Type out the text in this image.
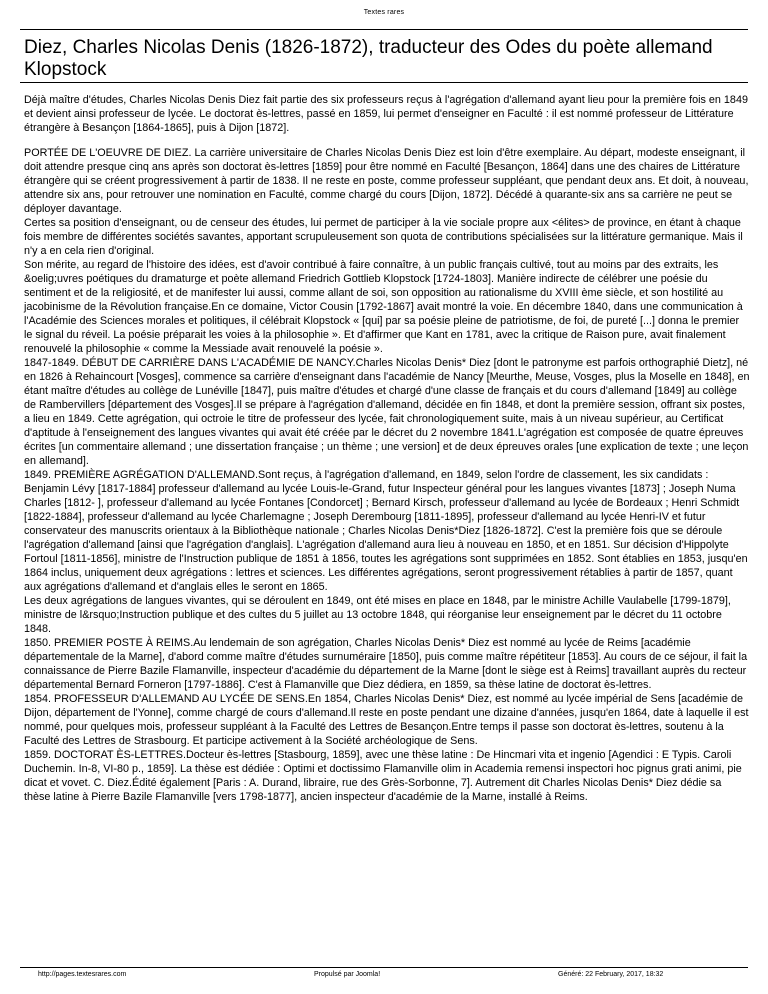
Textes rares
Diez, Charles Nicolas Denis (1826-1872), traducteur des Odes du poète allemand Klopstock

Déjà maître d'études, Charles Nicolas Denis Diez fait partie des six professeurs reçus à l'agrégation d'allemand ayant lieu pour la première fois en 1849 et devient ainsi professeur de lycée. Le doctorat ès-lettres, passé en 1859, lui permet d'enseigner en Faculté : il est nommé professeur de Littérature étrangère à Besançon [1864-1865], puis à Dijon [1872].

PORTÉE DE L'OEUVRE DE DIEZ. La carrière universitaire de Charles Nicolas Denis Diez est loin d'être exemplaire. Au départ, modeste enseignant, il doit attendre presque cinq ans après son doctorat ès-lettres [1859] pour être nommé en Faculté [Besançon, 1864] dans une des chaires de Littérature étrangère qui se créent progressivement à partir de 1838. Il ne reste en poste, comme professeur suppléant, que pendant deux ans. Et doit, à nouveau, attendre six ans, pour retrouver une nomination en Faculté, comme chargé du cours [Dijon, 1872]. Décédé à quarante-six ans sa carrière ne peut se déployer davantage.

Certes sa position d'enseignant, ou de censeur des études, lui permet de participer à la vie sociale propre aux <élites> de province, en étant à chaque fois membre de différentes sociétés savantes, apportant scrupuleusement son quota de contributions spécialisées sur la littérature germanique. Mais il n'y a en cela rien d'original.

Son mérite, au regard de l'histoire des idées, est d'avoir contribué à faire connaître, à un public français cultivé, tout au moins par des extraits, les &oelig;uvres poétiques du dramaturge et poète allemand Friedrich Gottlieb Klopstock [1724-1803]. Manière indirecte de célébrer une poésie du sentiment et de la religiosité, et de manifester lui aussi, comme allant de soi, son opposition au rationalisme du XVIII ème siècle, et son hostilité au jacobinisme de la Révolution française.En ce domaine, Victor Cousin [1792-1867] avait montré la voie. En décembre 1840, dans une communication à l'Académie des Sciences morales et politiques, il célébrait Klopstock « [qui] par sa poésie pleine de patriotisme, de foi, de pureté [...] donna le premier le signal du réveil. La poésie préparait les voies à la philosophie ». Et d'affirmer que Kant en 1781, avec la critique de Raison pure, avait finalement renouvelé la philosophie « comme la Messiade avait renouvelé la poésie ».

1847-1849. DÉBUT DE CARRIÈRE DANS L'ACADÉMIE DE NANCY.Charles Nicolas Denis* Diez [dont le patronyme est parfois orthographié Dietz], né en 1826 à Rehaincourt [Vosges], commence sa carrière d'enseignant dans l'académie de Nancy [Meurthe, Meuse, Vosges, plus la Moselle en 1848], en étant maître d'études au collège de Lunéville [1847], puis maître d'études et chargé d'une classe de français et du cours d'allemand [1849] au collège de Rambervillers [département des Vosges].Il se prépare à l'agrégation d'allemand, décidée en fin 1848, et dont la première session, offrant six postes, a lieu en 1849. Cette agrégation, qui octroie le titre de professeur des lycée, fait chronologiquement suite, mais à un niveau supérieur, au Certificat d'aptitude à l'enseignement des langues vivantes qui avait été créée par le décret du 2 novembre 1841.L'agrégation est composée de quatre épreuves écrites [un commentaire allemand ; une dissertation française ; un thème ; une version] et de deux épreuves orales [une explication de texte ; une leçon en allemand].

1849. PREMIÈRE AGRÉGATION D'ALLEMAND.Sont reçus, à l'agrégation d'allemand, en 1849, selon l'ordre de classement, les six candidats : Benjamin Lévy [1817-1884] professeur d'allemand au lycée Louis-le-Grand, futur Inspecteur général pour les langues vivantes [1873] ; Joseph Numa Charles [1812- ], professeur d'allemand au lycée Fontanes [Condorcet] ; Bernard Kirsch, professeur d'allemand au lycée de Bordeaux ; Henri Schmidt [1822-1884], professeur d'allemand au lycée Charlemagne ; Joseph Derembourg [1811-1895], professeur d'allemand au lycée Henri-IV et futur conservateur des manuscrits orientaux à la Bibliothèque nationale ; Charles Nicolas Denis*Diez [1826-1872]. C'est la première fois que se déroule l'agrégation d'allemand [ainsi que l'agrégation d'anglais]. L'agrégation d'allemand aura lieu à nouveau en 1850, et en 1851. Sur décision d'Hippolyte Fortoul [1811-1856], ministre de l'Instruction publique de 1851 à 1856, toutes les agrégations sont supprimées en 1852. Sont établies en 1853, jusqu'en 1864 inclus, uniquement deux agrégations : lettres et sciences. Les différentes agrégations, seront progressivement rétablies à partir de 1857, quant aux agrégations d'allemand et d'anglais elles le seront en 1865.

Les deux agrégations de langues vivantes, qui se déroulent en 1849, ont été mises en place en 1848, par le ministre Achille Vaulabelle [1799-1879], ministre de l&rsquo;Instruction publique et des cultes du 5 juillet au 13 octobre 1848, qui réorganise leur enseignement par le décret du 11 octobre 1848.

1850. PREMIER POSTE À REIMS.Au lendemain de son agrégation, Charles Nicolas Denis* Diez est nommé au lycée de Reims [académie départementale de la Marne], d'abord comme maître d'études surnuméraire [1850], puis comme maître répétiteur [1853]. Au cours de ce séjour, il fait la connaissance de Pierre Bazile Flamanville, inspecteur d'académie du département de la Marne [dont le siège est à Reims] travaillant auprès du recteur départemental Bernard Forneron [1797-1886]. C'est à Flamanville que Diez dédiera, en 1859, sa thèse latine de doctorat ès-lettres.

1854. PROFESSEUR D'ALLEMAND AU LYCÉE DE SENS.En 1854, Charles Nicolas Denis* Diez, est nommé au lycée impérial de Sens [académie de Dijon, département de l'Yonne], comme chargé de cours d'allemand.Il reste en poste pendant une dizaine d'années, jusqu'en 1864, date à laquelle il est nommé, pour quelques mois, professeur suppléant à la Faculté des Lettres de Besançon.Entre temps il passe son doctorat ès-lettres, soutenu à la Faculté des Lettres de Strasbourg. Et participe activement à la Société archéologique de Sens.

1859. DOCTORAT ÈS-LETTRES.Docteur ès-lettres [Stasbourg, 1859], avec une thèse latine : De Hincmari vita et ingenio [Agendici : E Typis. Caroli Duchemin. In-8, VI-80 p., 1859]. La thèse est dédiée : Optimi et doctissimo Flamanville olim in Academia remensi inspectori hoc pignus grati animi, pie dicat et vovet. C. Diez.Édité également [Paris : A. Durand, libraire, rue des Grès-Sorbonne, 7]. Autrement dit Charles Nicolas Denis* Diez dédie sa thèse latine à Pierre Bazile Flamanville [vers 1798-1877], ancien inspecteur d'académie de la Marne, installé à Reims.

http://pages.textesrares.com	Propulsé par Joomla!	Généré: 22 February, 2017, 18:32
